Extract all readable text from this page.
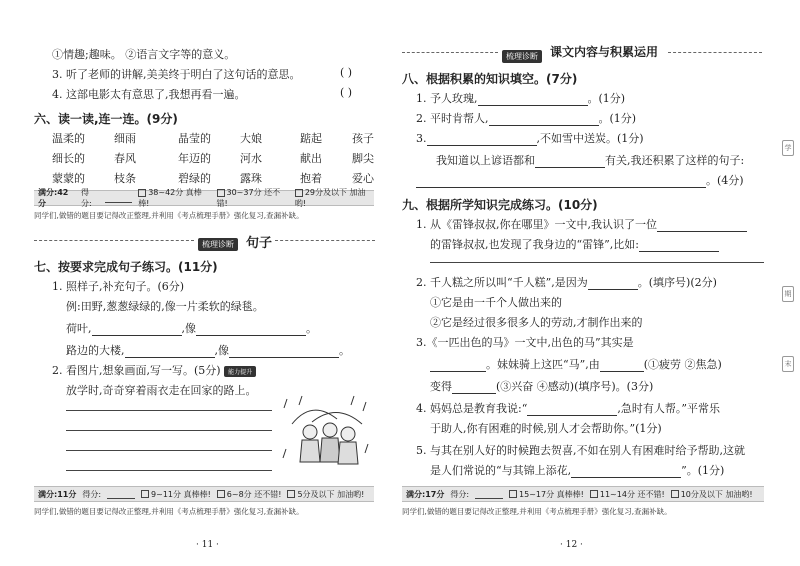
①情趣;趣味。 ②语言文字等的意义。
3. 听了老师的讲解,美美终于明白了这句话的意思。	( )
4. 这部电影太有意思了,我想再看一遍。	( )
六、读一读,连一连。(9分)
温柔的	细雨	晶莹的	大娘	踮起	孩子
细长的	春风	年迈的	河水	献出	脚尖
蒙蒙的	枝条	碧绿的	露珠	抱着	爱心
满分:42分
得分:
38~42分 真棒棒!
30~37分 还不错!
29分及以下 加油哟!
同学们,做错的题目要记得改正整理,并利用《考点梳理手册》强化复习,查漏补缺。
梳理诊断 句子
七、按要求完成句子练习。(11分)
1. 照样子,补充句子。(6分)
例:田野,葱葱绿绿的,像一片柔软的绿毯。
荷叶,	,像	。
路边的大楼,	,像	。
2. 看图片,想象画面,写一写。(5分) 能力提升
放学时,奇奇穿着雨衣走在回家的路上。
满分:11分 得分:	9~11分 真棒棒!	6~8分 还不错!	5分及以下 加油哟!
同学们,做错的题目要记得改正整理,并利用《考点梳理手册》强化复习,查漏补缺。
· 11 ·
梳理诊断	课文内容与积累运用
八、根据积累的知识填空。(7分)
1. 予人玫瑰,	。(1分)
2. 平时肯帮人,	。(1分)
3.	,不如雪中送炭。(1分)
我知道以上谚语都和	有关,我还积累了这样的句子:
。(4分)
九、根据所学知识完成练习。(10分)
1. 从《雷锋叔叔,你在哪里》一文中,我认识了一位
的雷锋叔叔,也发现了我身边的“雷锋”,比如:
2. 千人糕之所以叫“千人糕”,是因为	。(填序号)(2分)
①它是由一千个人做出来的
②它是经过很多很多人的劳动,才制作出来的
3.《一匹出色的马》一文中,出色的马”其实是
。妹妹骑上这匹“马”,由	(①疲劳 ②焦急)
变得	(③兴奋 ④感动)(填序号)。(3分)
4. 妈妈总是教育我说:“	,急时有人帮。”平常乐
于助人,你有困难的时候,别人才会帮助你。”(1分)
5. 与其在别人好的时候跑去贺喜,不如在别人有困难时给予帮助,这就
是人们常说的“与其锦上添花,	”。(1分)
满分:17分 得分:	15~17分 真棒棒!	11~14分 还不错!	10分及以下 加油哟!
同学们,做错的题目要记得改正整理,并利用《考点梳理手册》强化复习,查漏补缺。
· 12 ·
学
期
末
